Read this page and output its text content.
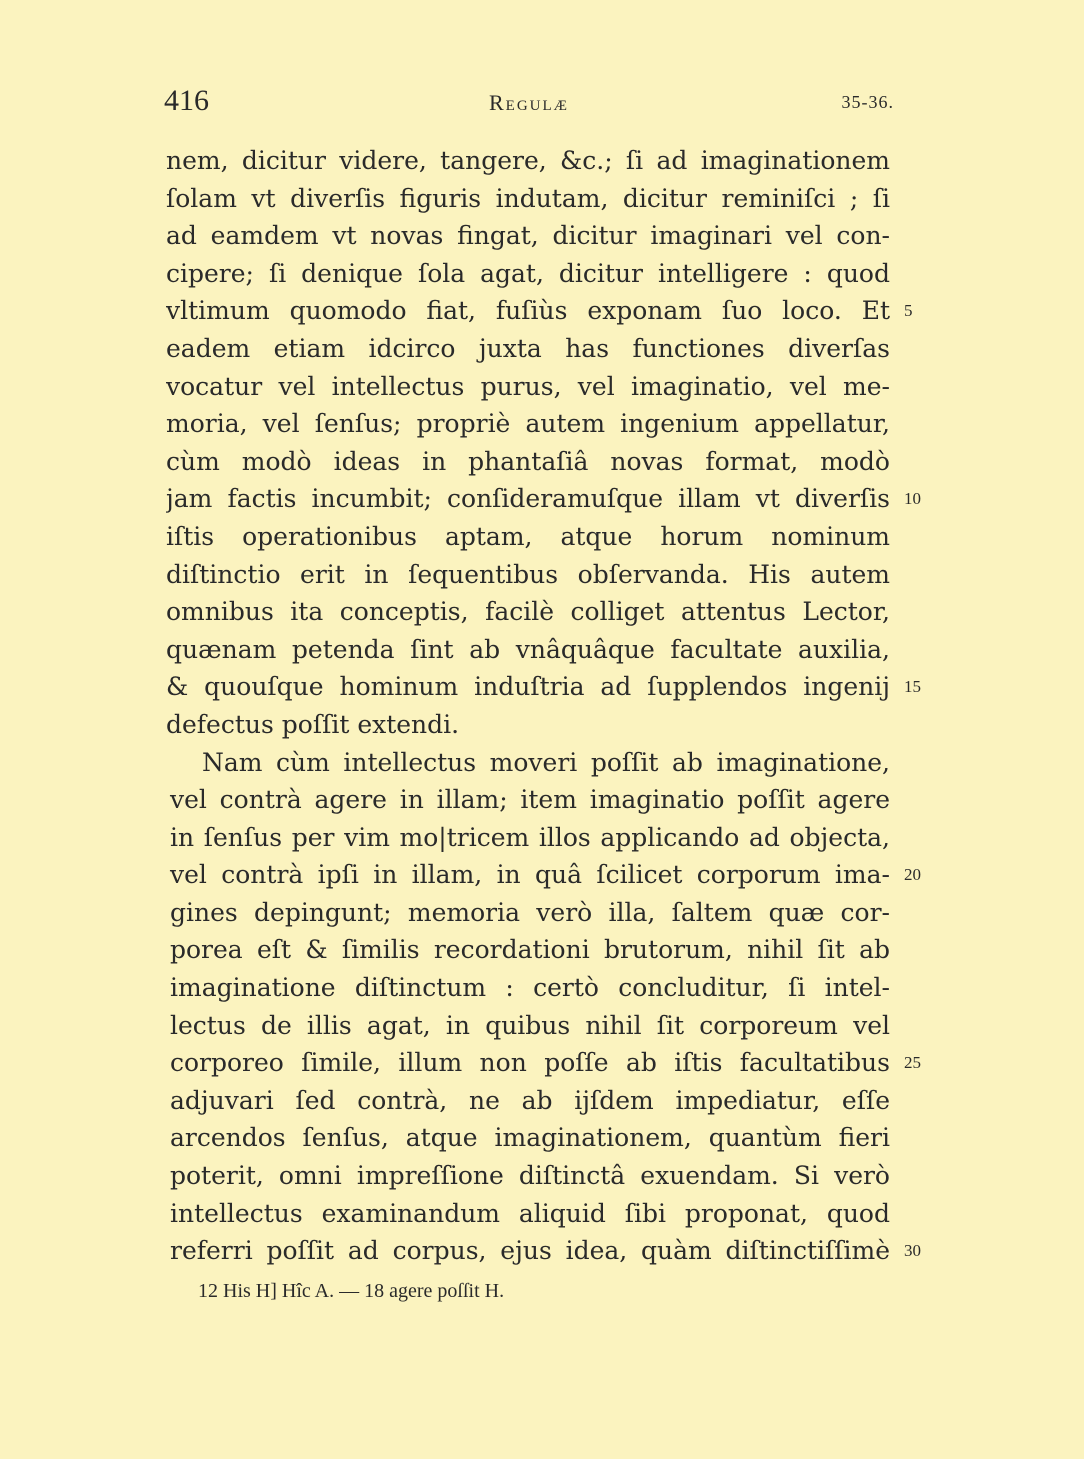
416	Regulæ	35-36.
nem, dicitur videre, tangere, &c.; ſi ad imaginationem
ſolam vt diverſis figuris indutam, dicitur reminiſci ; ſi
ad eamdem vt novas fingat, dicitur imaginari vel con-
cipere; ſi denique ſola agat, dicitur intelligere : quod
vltimum quomodo fiat, fuſiùs exponam ſuo loco. Et
eadem etiam idcirco juxta has functiones diverſas
vocatur vel intellectus purus, vel imaginatio, vel me-
moria, vel ſenſus; propriè autem ingenium appellatur,
cùm modò ideas in phantaſiâ novas format, modò
jam factis incumbit; conſideramuſque illam vt diverſis
iſtis operationibus aptam, atque horum nominum
diſtinctio erit in ſequentibus obſervanda. His autem
omnibus ita conceptis, facilè colliget attentus Lector,
quænam petenda ſint ab vnâquâque facultate auxilia,
& quouſque hominum induſtria ad ſupplendos ingenij
defectus poſſit extendi.
Nam cùm intellectus moveri poſſit ab imaginatione,
vel contrà agere in illam; item imaginatio poſſit agere
in ſenſus per vim mo|tricem illos applicando ad objecta,
vel contrà ipſi in illam, in quâ ſcilicet corporum ima-
gines depingunt; memoria verò illa, ſaltem quæ cor-
porea eſt & ſimilis recordationi brutorum, nihil ſit ab
imaginatione diſtinctum : certò concluditur, ſi intel-
lectus de illis agat, in quibus nihil ſit corporeum vel
corporeo ſimile, illum non poſſe ab iſtis facultatibus
adjuvari ſed contrà, ne ab ijſdem impediatur, eſſe
arcendos ſenſus, atque imaginationem, quantùm fieri
poterit, omni impreſſione diſtinctâ exuendam. Si verò
intellectus examinandum aliquid ſibi proponat, quod
referri poſſit ad corpus, ejus idea, quàm diſtinctiſſimè
5
10
15
20
25
30
12 His H] Hîc A. — 18 agere poſſit H.
